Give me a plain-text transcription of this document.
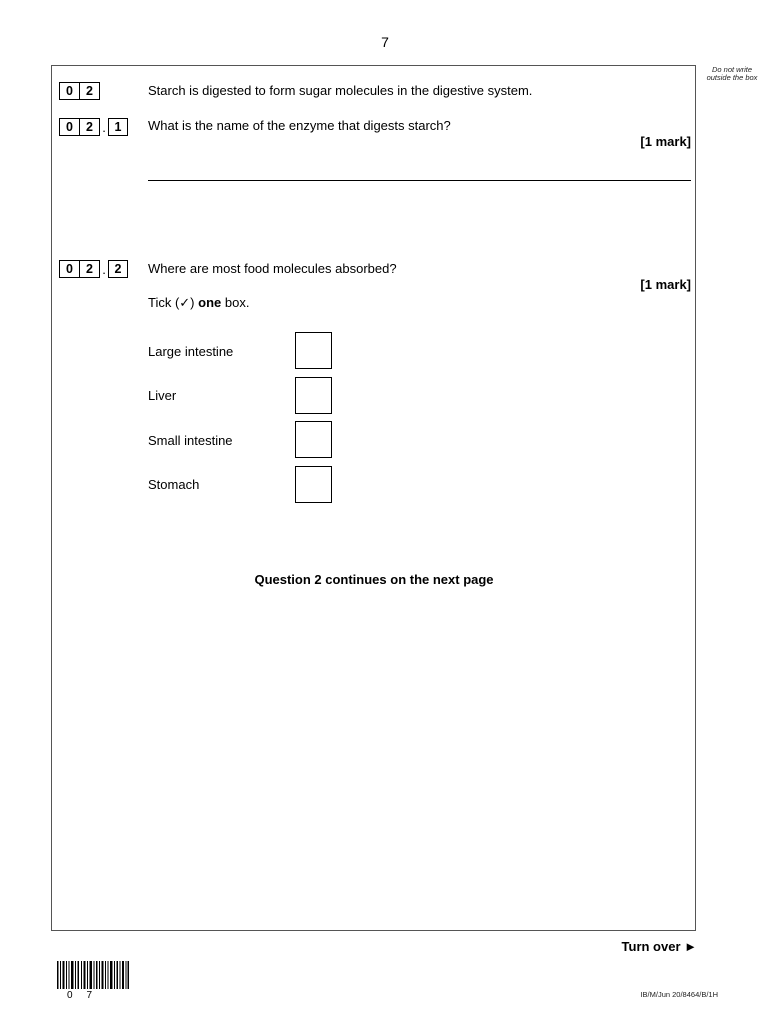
7
Do not write outside the box
0	2	Starch is digested to form sugar molecules in the digestive system.
0	2 . 1	What is the name of the enzyme that digests starch?
[1 mark]
0	2 . 2	Where are most food molecules absorbed?
[1 mark]
Tick (✓) one box.
Large intestine
Liver
Small intestine
Stomach
Question 2 continues on the next page
Turn over ►
07	IB/M/Jun 20/8464/B/1H
